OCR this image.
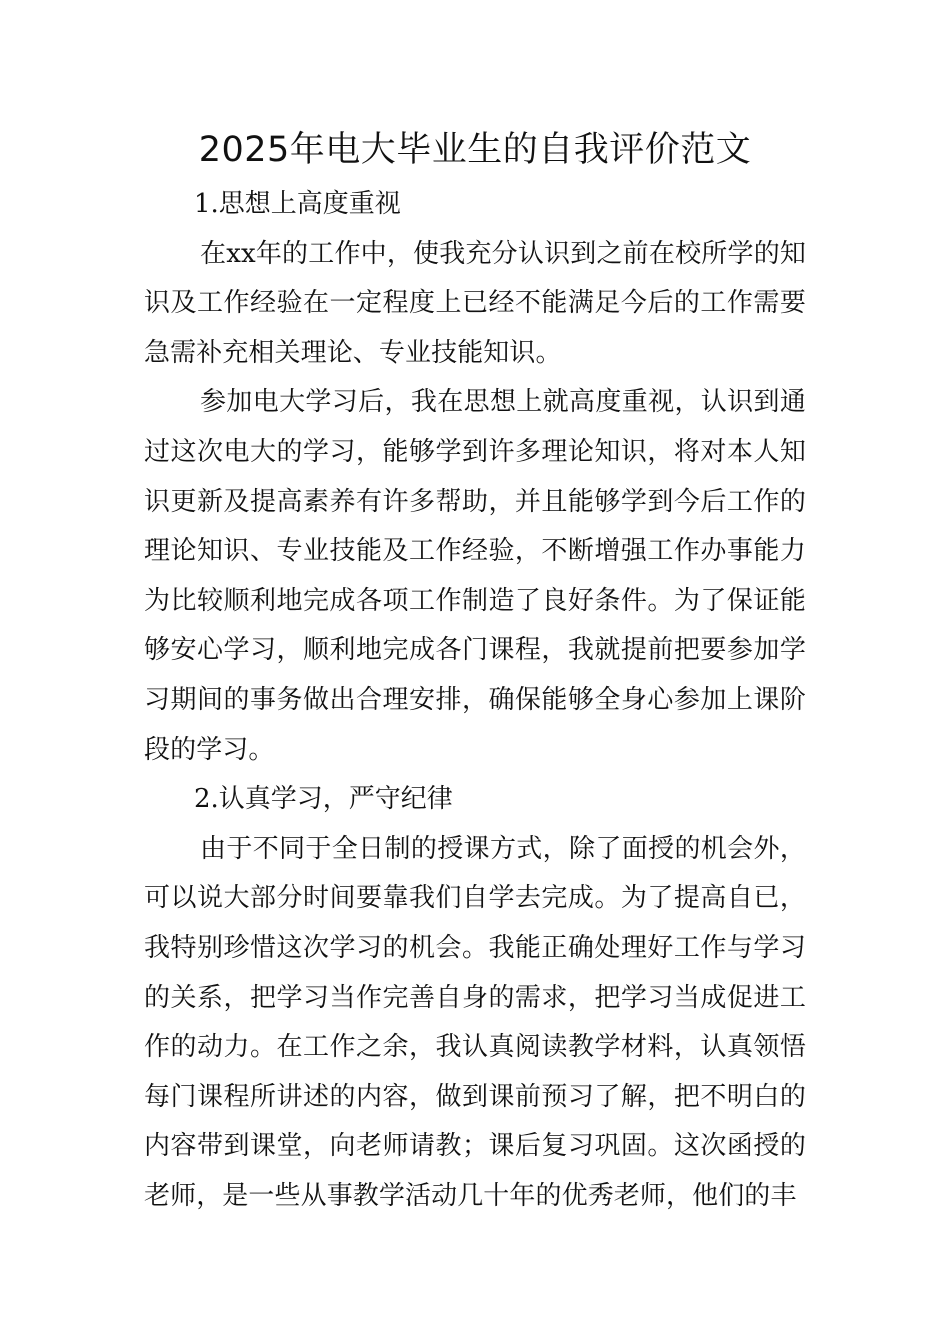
2025年电大毕业生的自我评价范文
1.思想上高度重视

在xx年的工作中，使我充分认识到之前在校所学的知识及工作经验在一定程度上已经不能满足今后的工作需要急需补充相关理论、专业技能知识。

参加电大学习后，我在思想上就高度重视，认识到通过这次电大的学习，能够学到许多理论知识，将对本人知识更新及提高素养有许多帮助，并且能够学到今后工作的理论知识、专业技能及工作经验，不断增强工作办事能力为比较顺利地完成各项工作制造了良好条件。为了保证能够安心学习，顺利地完成各门课程，我就提前把要参加学习期间的事务做出合理安排，确保能够全身心参加上课阶段的学习。

2.认真学习，严守纪律

由于不同于全日制的授课方式，除了面授的机会外，可以说大部分时间要靠我们自学去完成。为了提高自已，我特别珍惜这次学习的机会。我能正确处理好工作与学习的关系，把学习当作完善自身的需求，把学习当成促进工作的动力。在工作之余，我认真阅读教学材料，认真领悟每门课程所讲述的内容，做到课前预习了解，把不明白的内容带到课堂，向老师请教；课后复习巩固。这次函授的老师，是一些从事教学活动几十年的优秀老师，他们的丰
